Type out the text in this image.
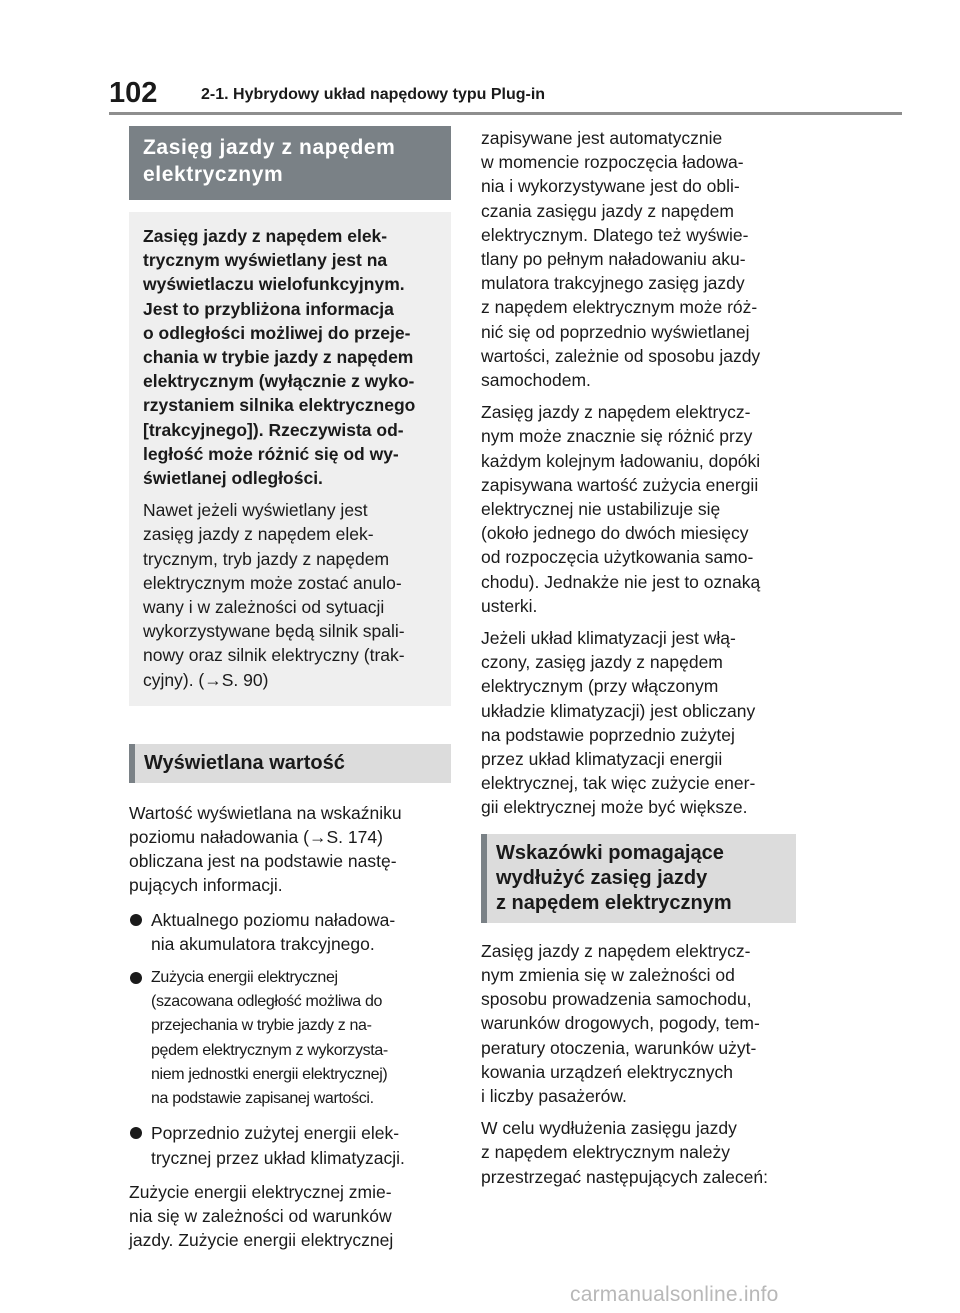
102	2-1. Hybrydowy układ napędowy typu Plug-in
Zasięg jazdy z napędem
elektrycznym
Zasięg jazdy z napędem elek-
trycznym wyświetlany jest na
wyświetlaczu wielofunkcyjnym.
Jest to przybliżona informacja
o odległości możliwej do przeje-
chania w trybie jazdy z napędem
elektrycznym (wyłącznie z wyko-
rzystaniem silnika elektrycznego
[trakcyjnego]). Rzeczywista od-
ległość może różnić się od wy-
świetlanej odległości.
Nawet jeżeli wyświetlany jest
zasięg jazdy z napędem elek-
trycznym, tryb jazdy z napędem
elektrycznym może zostać anulo-
wany i w zależności od sytuacji
wykorzystywane będą silnik spali-
nowy oraz silnik elektryczny (trak-
cyjny). (→S. 90)
Wyświetlana wartość
Wartość wyświetlana na wskaźniku
poziomu naładowania (→S. 174)
obliczana jest na podstawie nastę-
pujących informacji.
Aktualnego poziomu naładowa-
nia akumulatora trakcyjnego.
Zużycia energii elektrycznej
(szacowana odległość możliwa do
przejechania w trybie jazdy z na-
pędem elektrycznym z wykorzysta-
niem jednostki energii elektrycznej)
na podstawie zapisanej wartości.
Poprzednio zużytej energii elek-
trycznej przez układ klimatyzacji.
Zużycie energii elektrycznej zmie-
nia się w zależności od warunków
jazdy. Zużycie energii elektrycznej
zapisywane jest automatycznie
w momencie rozpoczęcia ładowa-
nia i wykorzystywane jest do obli-
czania zasięgu jazdy z napędem
elektrycznym. Dlatego też wyświe-
tlany po pełnym naładowaniu aku-
mulatora trakcyjnego zasięg jazdy
z napędem elektrycznym może róż-
nić się od poprzednio wyświetlanej
wartości, zależnie od sposobu jazdy
samochodem.
Zasięg jazdy z napędem elektrycz-
nym może znacznie się różnić przy
każdym kolejnym ładowaniu, dopóki
zapisywana wartość zużycia energii
elektrycznej nie ustabilizuje się
(około jednego do dwóch miesięcy
od rozpoczęcia użytkowania samo-
chodu). Jednakże nie jest to oznaką
usterki.
Jeżeli układ klimatyzacji jest włą-
czony, zasięg jazdy z napędem
elektrycznym (przy włączonym
układzie klimatyzacji) jest obliczany
na podstawie poprzednio zużytej
przez układ klimatyzacji energii
elektrycznej, tak więc zużycie ener-
gii elektrycznej może być większe.
Wskazówki pomagające
wydłużyć zasięg jazdy
z napędem elektrycznym
Zasięg jazdy z napędem elektrycz-
nym zmienia się w zależności od
sposobu prowadzenia samochodu,
warunków drogowych, pogody, tem-
peratury otoczenia, warunków użyt-
kowania urządzeń elektrycznych
i liczby pasażerów.
W celu wydłużenia zasięgu jazdy
z napędem elektrycznym należy
przestrzegać następujących zaleceń:
carmanualsonline.info
